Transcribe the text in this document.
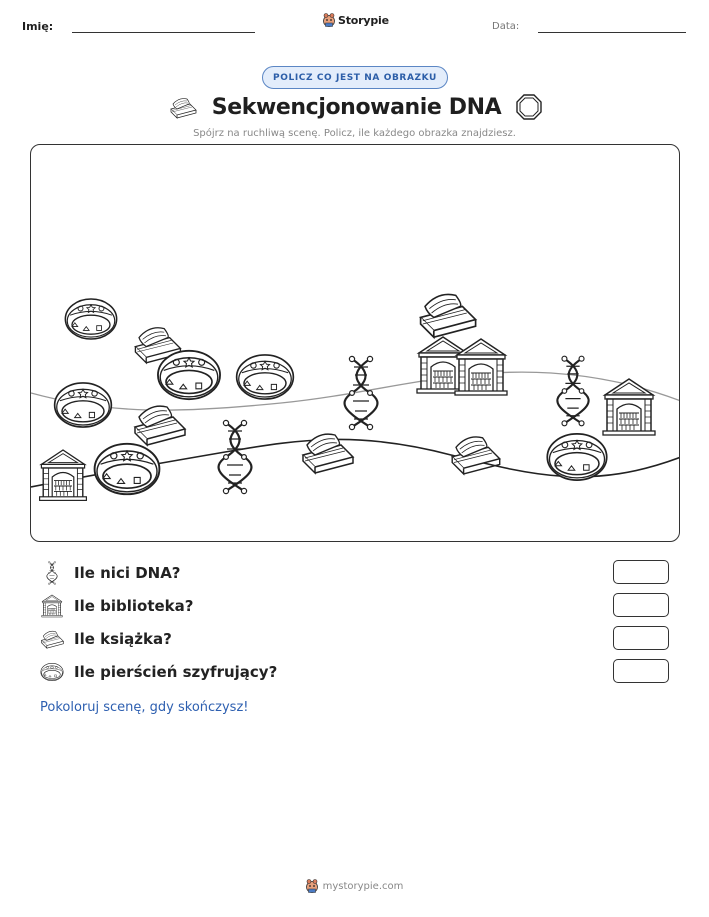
Imię:	Storypie	Data:
POLICZ CO JEST NA OBRAZKU
Sekwencjonowanie DNA
Spójrz na ruchliwą scenę. Policz, ile każdego obrazka znajdziesz.
Ile nici DNA?
Ile biblioteka?
Ile książka?
Ile pierścień szyfrujący?
Pokoloruj scenę, gdy skończysz!
mystorypie.com
